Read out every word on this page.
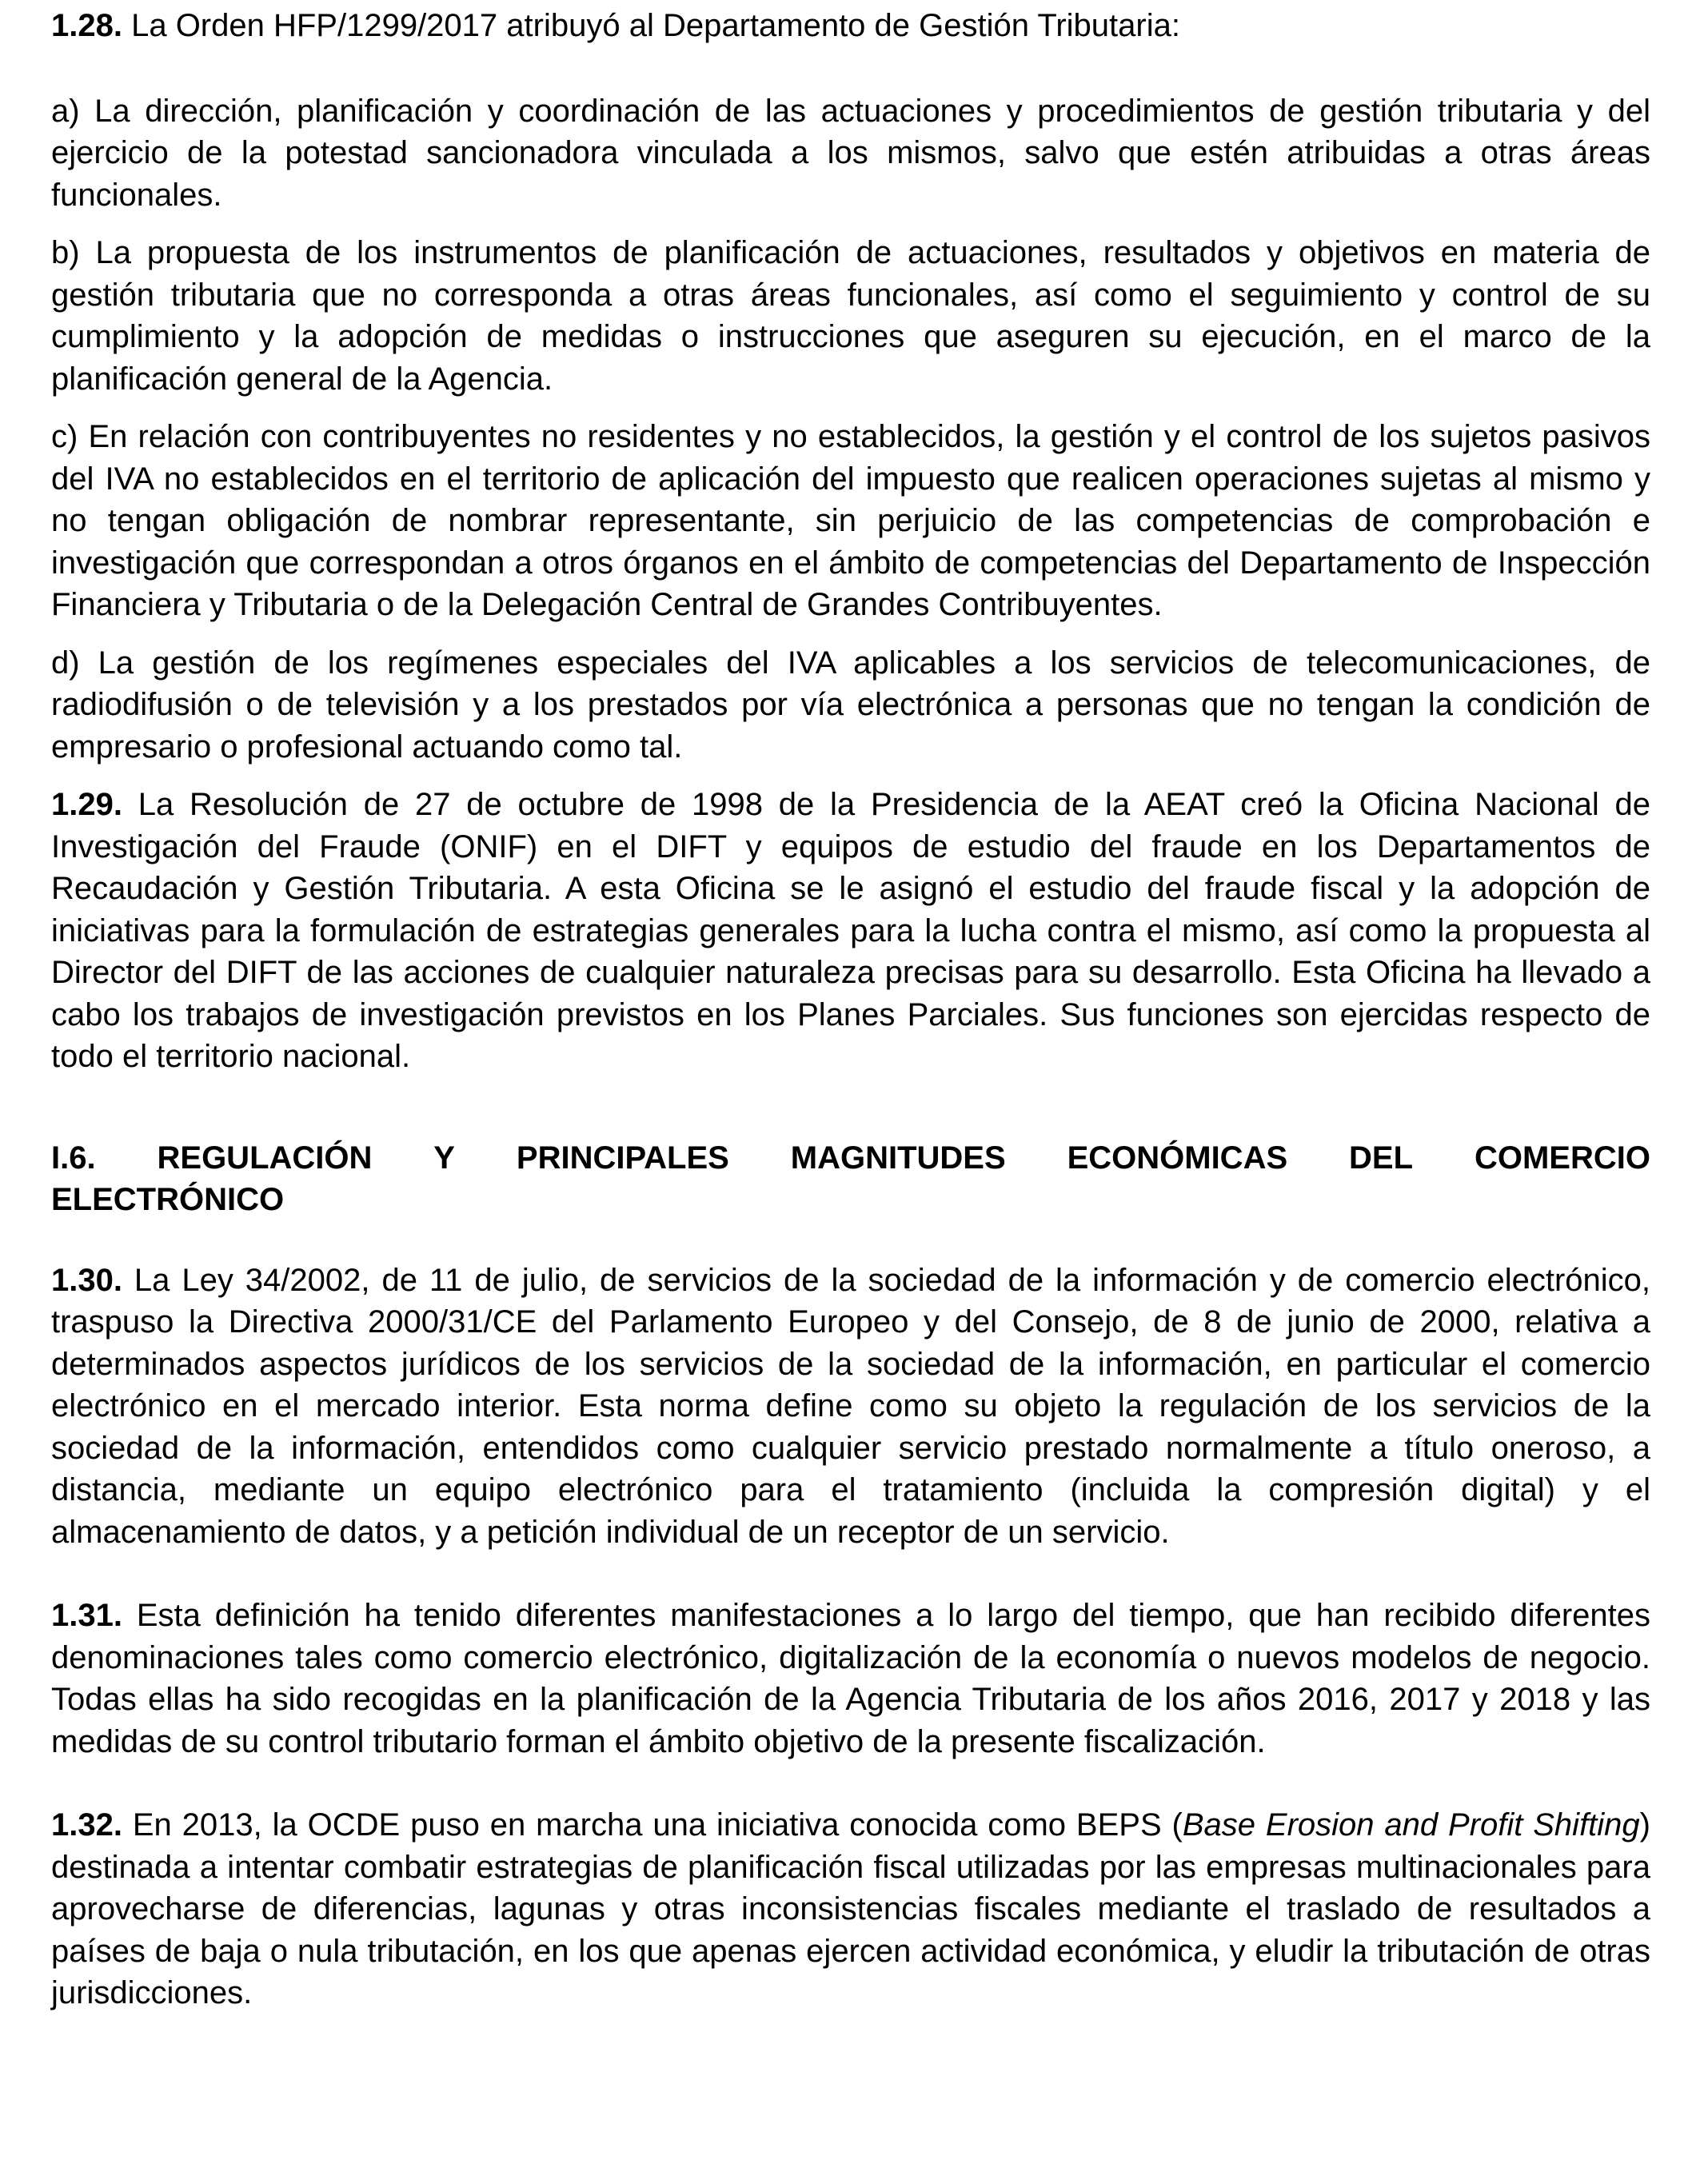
1.28. La Orden HFP/1299/2017 atribuyó al Departamento de Gestión Tributaria:

a) La dirección, planificación y coordinación de las actuaciones y procedimientos de gestión tributaria y del ejercicio de la potestad sancionadora vinculada a los mismos, salvo que estén atribuidas a otras áreas funcionales.

b) La propuesta de los instrumentos de planificación de actuaciones, resultados y objetivos en materia de gestión tributaria que no corresponda a otras áreas funcionales, así como el seguimiento y control de su cumplimiento y la adopción de medidas o instrucciones que aseguren su ejecución, en el marco de la planificación general de la Agencia.

c) En relación con contribuyentes no residentes y no establecidos, la gestión y el control de los sujetos pasivos del IVA no establecidos en el territorio de aplicación del impuesto que realicen operaciones sujetas al mismo y no tengan obligación de nombrar representante, sin perjuicio de las competencias de comprobación e investigación que correspondan a otros órganos en el ámbito de competencias del Departamento de Inspección Financiera y Tributaria o de la Delegación Central de Grandes Contribuyentes.

d) La gestión de los regímenes especiales del IVA aplicables a los servicios de telecomunicaciones, de radiodifusión o de televisión y a los prestados por vía electrónica a personas que no tengan la condición de empresario o profesional actuando como tal.

1.29. La Resolución de 27 de octubre de 1998 de la Presidencia de la AEAT creó la Oficina Nacional de Investigación del Fraude (ONIF) en el DIFT y equipos de estudio del fraude en los Departamentos de Recaudación y Gestión Tributaria. A esta Oficina se le asignó el estudio del fraude fiscal y la adopción de iniciativas para la formulación de estrategias generales para la lucha contra el mismo, así como la propuesta al Director del DIFT de las acciones de cualquier naturaleza precisas para su desarrollo. Esta Oficina ha llevado a cabo los trabajos de investigación previstos en los Planes Parciales. Sus funciones son ejercidas respecto de todo el territorio nacional.

I.6. REGULACIÓN Y PRINCIPALES MAGNITUDES ECONÓMICAS DEL COMERCIO
ELECTRÓNICO

1.30. La Ley 34/2002, de 11 de julio, de servicios de la sociedad de la información y de comercio electrónico, traspuso la Directiva 2000/31/CE del Parlamento Europeo y del Consejo, de 8 de junio de 2000, relativa a determinados aspectos jurídicos de los servicios de la sociedad de la información, en particular el comercio electrónico en el mercado interior. Esta norma define como su objeto la regulación de los servicios de la sociedad de la información, entendidos como cualquier servicio prestado normalmente a título oneroso, a distancia, mediante un equipo electrónico para el tratamiento (incluida la compresión digital) y el almacenamiento de datos, y a petición individual de un receptor de un servicio.

1.31. Esta definición ha tenido diferentes manifestaciones a lo largo del tiempo, que han recibido diferentes denominaciones tales como comercio electrónico, digitalización de la economía o nuevos modelos de negocio. Todas ellas ha sido recogidas en la planificación de la Agencia Tributaria de los años 2016, 2017 y 2018 y las medidas de su control tributario forman el ámbito objetivo de la presente fiscalización.

1.32. En 2013, la OCDE puso en marcha una iniciativa conocida como BEPS (Base Erosion and Profit Shifting) destinada a intentar combatir estrategias de planificación fiscal utilizadas por las empresas multinacionales para aprovecharse de diferencias, lagunas y otras inconsistencias fiscales mediante el traslado de resultados a países de baja o nula tributación, en los que apenas ejercen actividad económica, y eludir la tributación de otras jurisdicciones.
